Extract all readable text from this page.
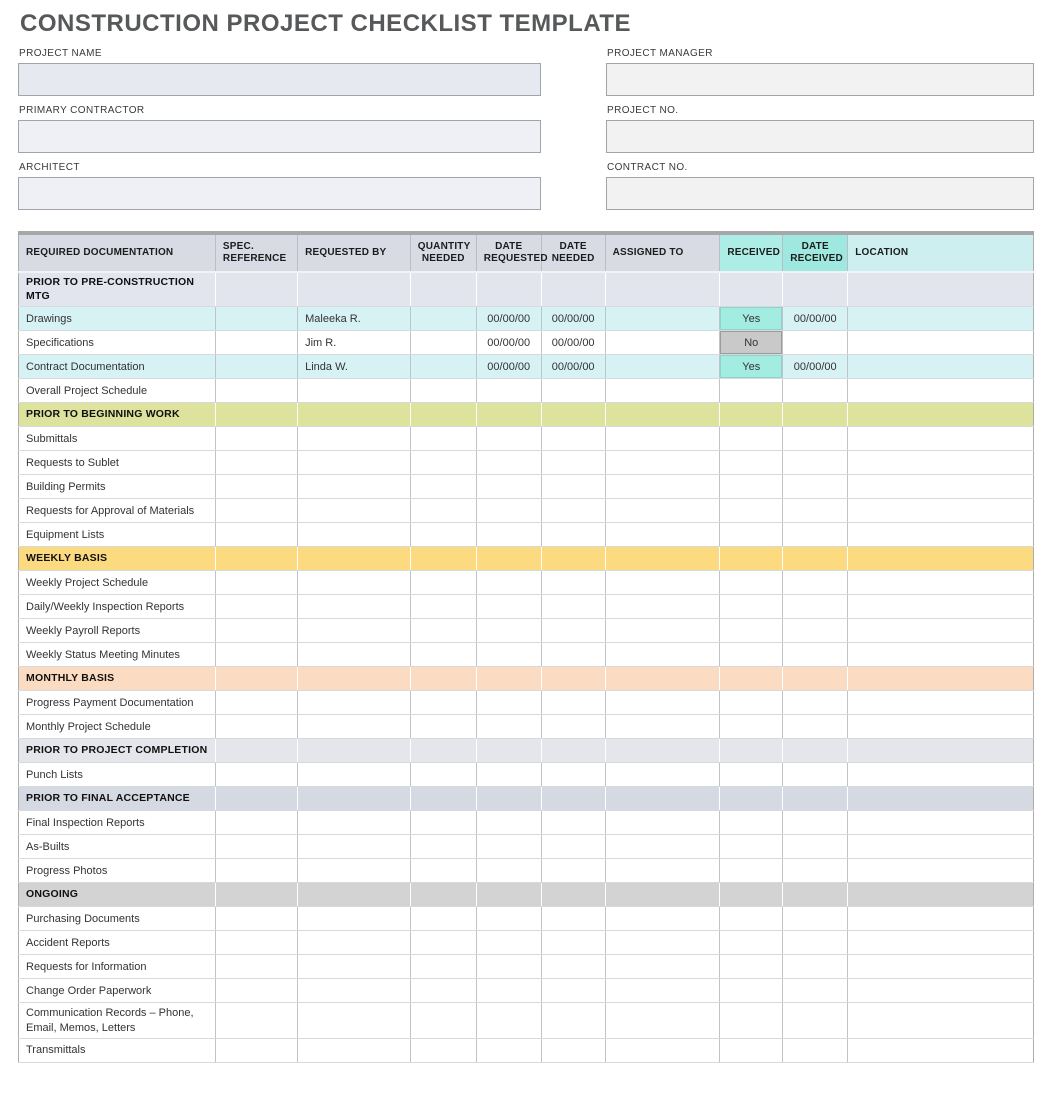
CONSTRUCTION PROJECT CHECKLIST TEMPLATE
PROJECT NAME
PRIMARY CONTRACTOR
ARCHITECT
PROJECT MANAGER
PROJECT NO.
CONTRACT NO.
REQUIRED DOCUMENTATION	SPEC. REFERENCE	REQUESTED BY	QUANTITY NEEDED	DATE REQUESTED	DATE NEEDED	ASSIGNED TO	RECEIVED	DATE RECEIVED	LOCATION
PRIOR TO PRE-CONSTRUCTION MTG									
Drawings		Maleeka R.		00/00/00	00/00/00		Yes	00/00/00	
Specifications		Jim R.		00/00/00	00/00/00		No		
Contract Documentation		Linda W.		00/00/00	00/00/00		Yes	00/00/00	
Overall Project Schedule									
PRIOR TO BEGINNING WORK									
Submittals									
Requests to Sublet									
Building Permits									
Requests for Approval of Materials									
Equipment Lists									
WEEKLY BASIS									
Weekly Project Schedule									
Daily/Weekly Inspection Reports									
Weekly Payroll Reports									
Weekly Status Meeting Minutes									
MONTHLY BASIS									
Progress Payment Documentation									
Monthly Project Schedule									
PRIOR TO PROJECT COMPLETION									
Punch Lists									
PRIOR TO FINAL ACCEPTANCE									
Final Inspection Reports									
As-Builts									
Progress Photos									
ONGOING									
Purchasing Documents									
Accident Reports									
Requests for Information									
Change Order Paperwork									
Communication Records – Phone, Email, Memos, Letters									
Transmittals									
